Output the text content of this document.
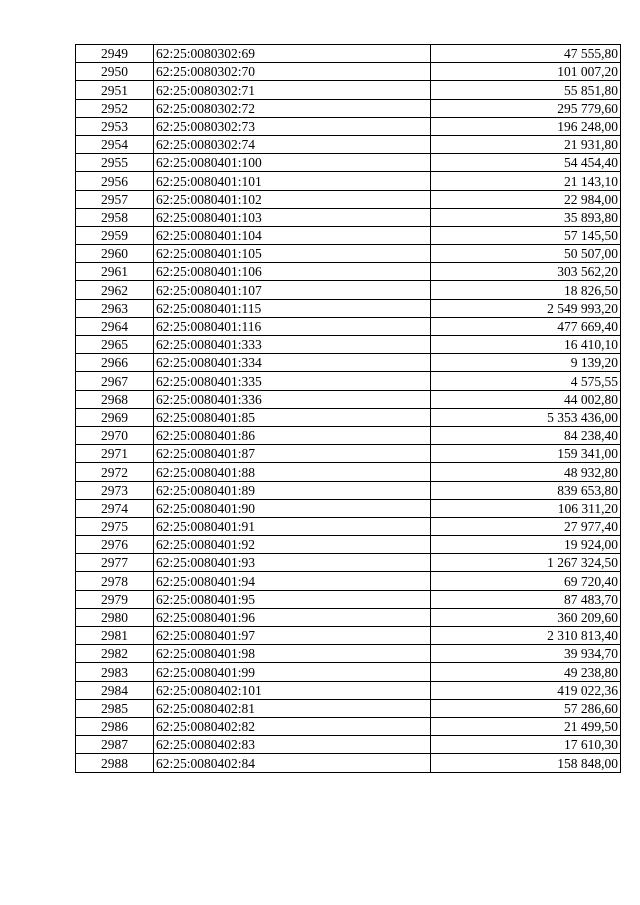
2949	62:25:0080302:69	47 555,80
2950	62:25:0080302:70	101 007,20
2951	62:25:0080302:71	55 851,80
2952	62:25:0080302:72	295 779,60
2953	62:25:0080302:73	196 248,00
2954	62:25:0080302:74	21 931,80
2955	62:25:0080401:100	54 454,40
2956	62:25:0080401:101	21 143,10
2957	62:25:0080401:102	22 984,00
2958	62:25:0080401:103	35 893,80
2959	62:25:0080401:104	57 145,50
2960	62:25:0080401:105	50 507,00
2961	62:25:0080401:106	303 562,20
2962	62:25:0080401:107	18 826,50
2963	62:25:0080401:115	2 549 993,20
2964	62:25:0080401:116	477 669,40
2965	62:25:0080401:333	16 410,10
2966	62:25:0080401:334	9 139,20
2967	62:25:0080401:335	4 575,55
2968	62:25:0080401:336	44 002,80
2969	62:25:0080401:85	5 353 436,00
2970	62:25:0080401:86	84 238,40
2971	62:25:0080401:87	159 341,00
2972	62:25:0080401:88	48 932,80
2973	62:25:0080401:89	839 653,80
2974	62:25:0080401:90	106 311,20
2975	62:25:0080401:91	27 977,40
2976	62:25:0080401:92	19 924,00
2977	62:25:0080401:93	1 267 324,50
2978	62:25:0080401:94	69 720,40
2979	62:25:0080401:95	87 483,70
2980	62:25:0080401:96	360 209,60
2981	62:25:0080401:97	2 310 813,40
2982	62:25:0080401:98	39 934,70
2983	62:25:0080401:99	49 238,80
2984	62:25:0080402:101	419 022,36
2985	62:25:0080402:81	57 286,60
2986	62:25:0080402:82	21 499,50
2987	62:25:0080402:83	17 610,30
2988	62:25:0080402:84	158 848,00
